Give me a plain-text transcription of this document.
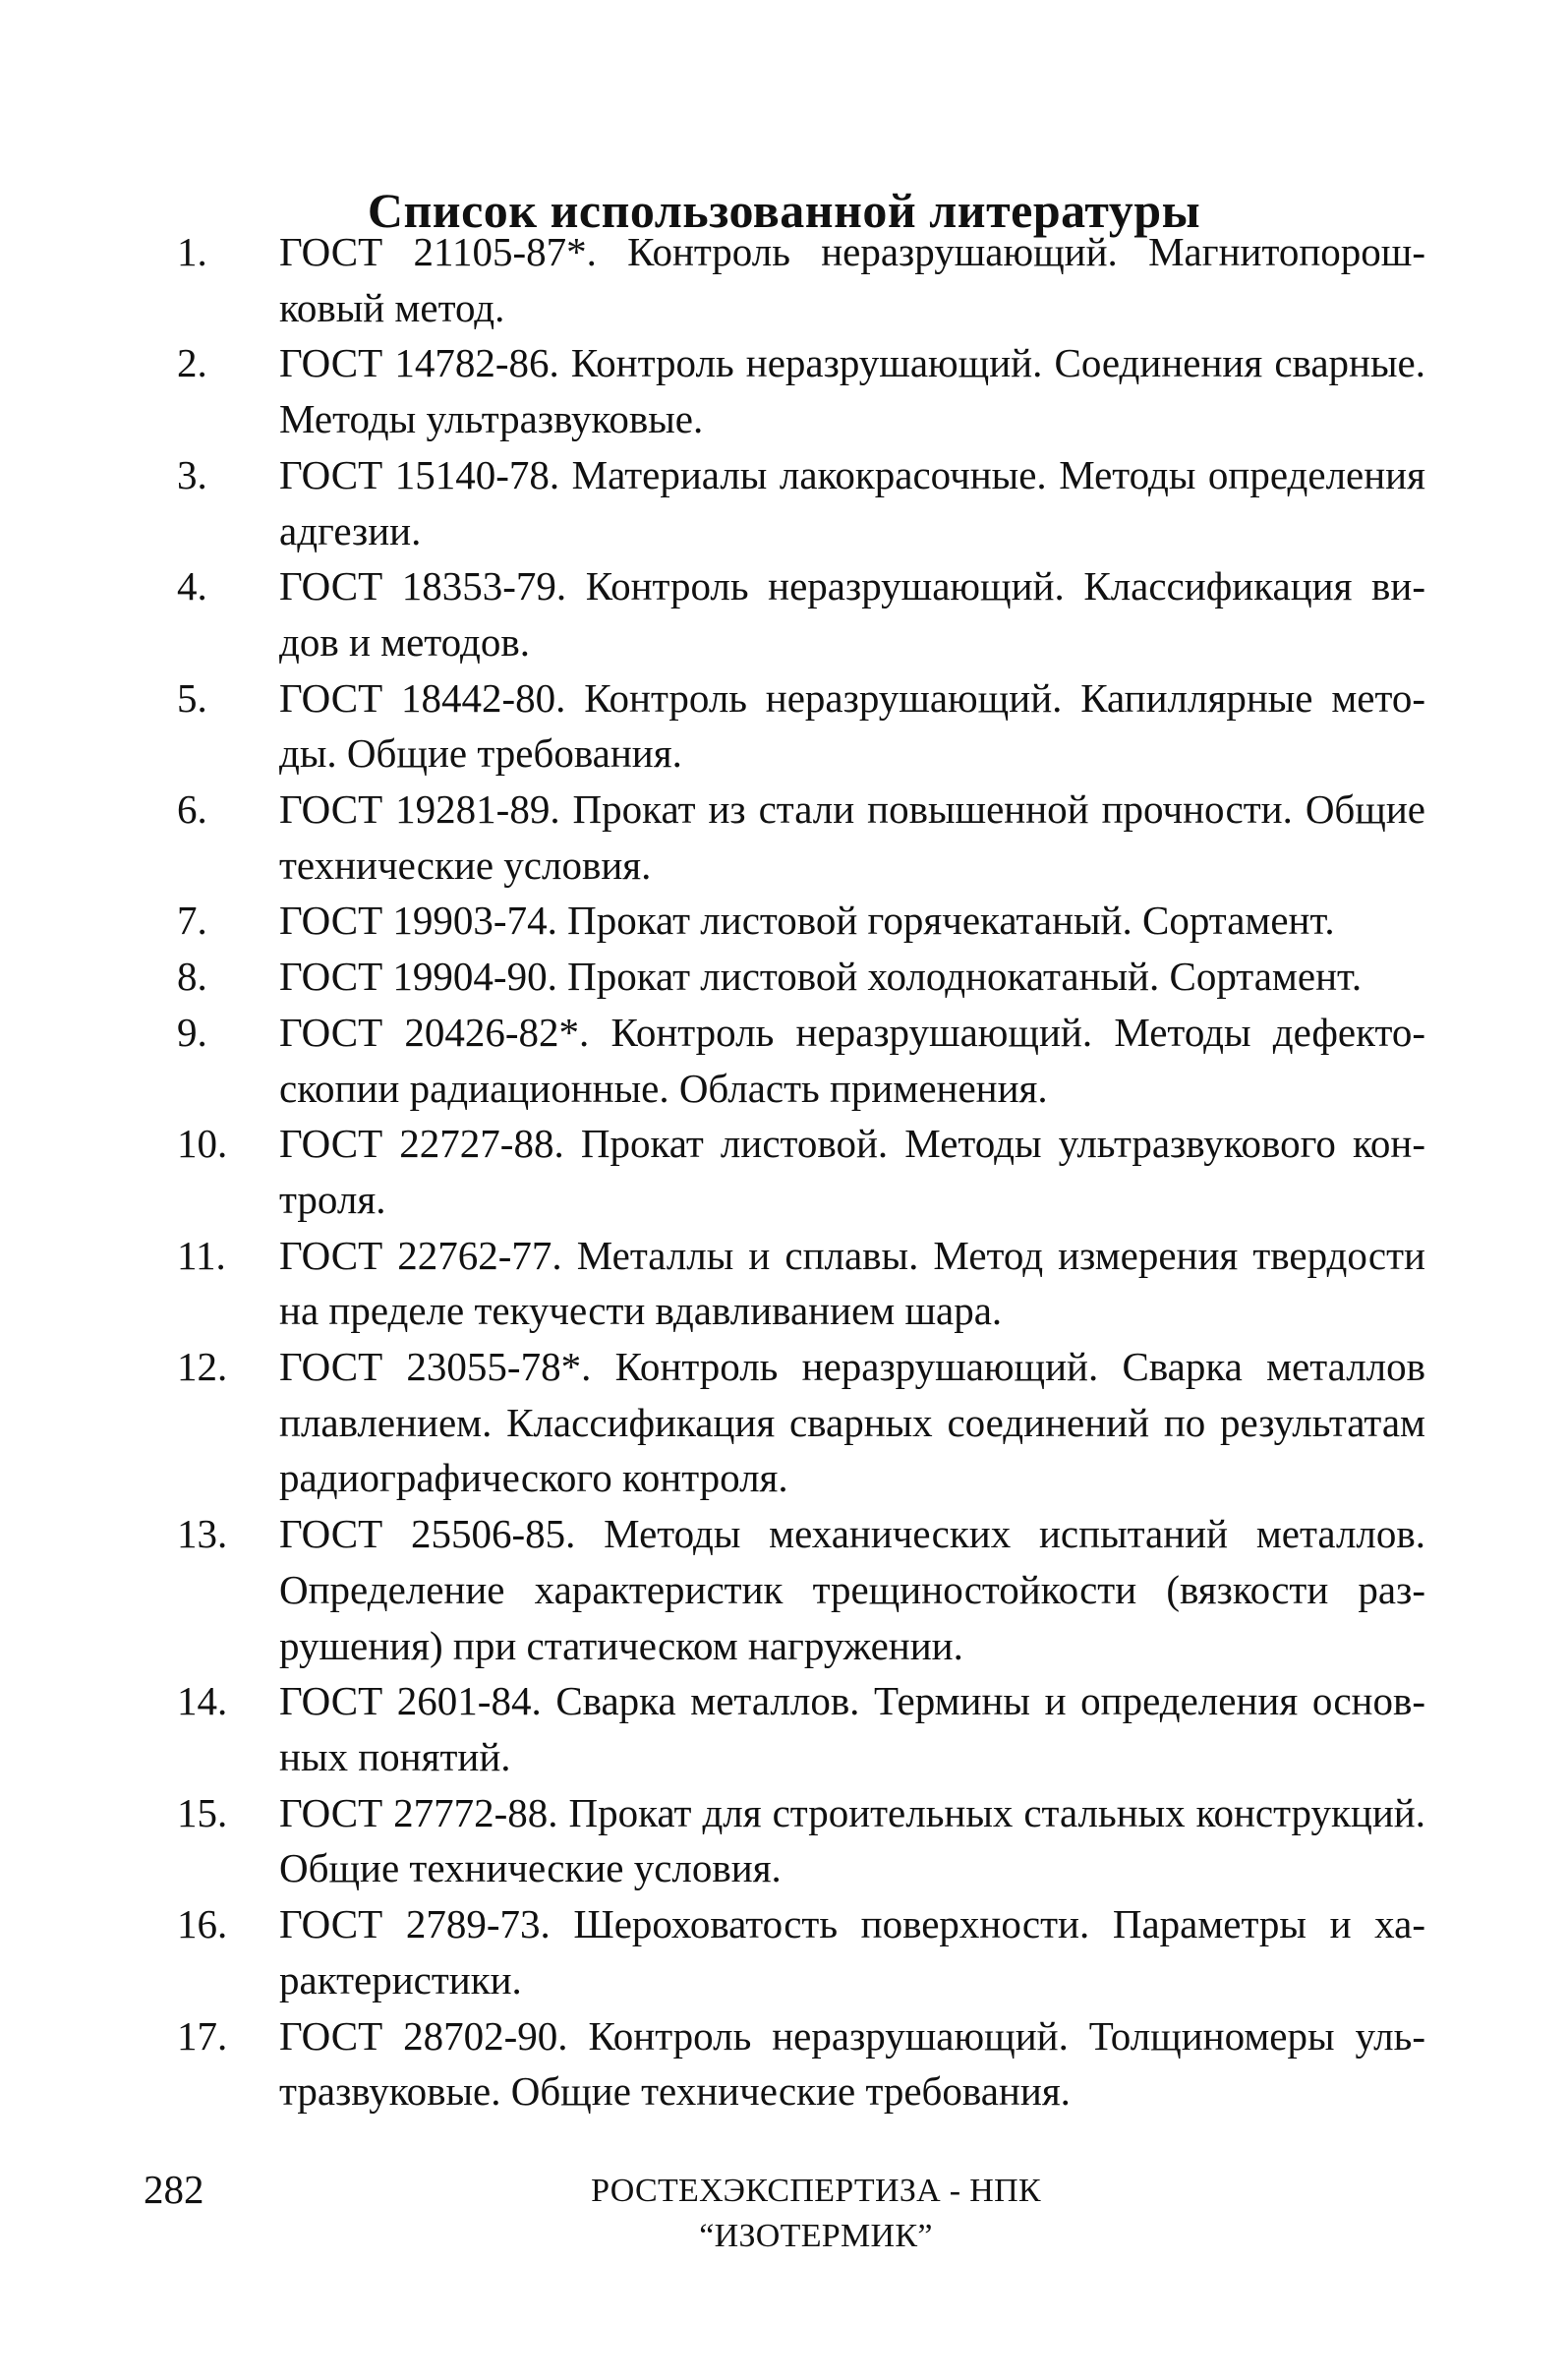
Список использованной литературы
1.	ГОСТ 21105-87*. Контроль неразрушающий. Магнитопорошковый метод.
2.	ГОСТ 14782-86. Контроль неразрушающий. Соединения сварные. Методы ультразвуковые.
3.	ГОСТ 15140-78. Материалы лакокрасочные. Методы определения адгезии.
4.	ГОСТ 18353-79. Контроль неразрушающий. Классификация видов и методов.
5.	ГОСТ 18442-80. Контроль неразрушающий. Капиллярные методы. Общие требования.
6.	ГОСТ 19281-89. Прокат из стали повышенной прочности. Общие технические условия.
7.	ГОСТ 19903-74. Прокат листовой горячекатаный. Сортамент.
8.	ГОСТ 19904-90. Прокат листовой холоднокатаный. Сортамент.
9.	ГОСТ 20426-82*. Контроль неразрушающий. Методы дефектоскопии радиационные. Область применения.
10.	ГОСТ 22727-88. Прокат листовой. Методы ультразвукового контроля.
11.	ГОСТ 22762-77. Металлы и сплавы. Метод измерения твердости на пределе текучести вдавливанием шара.
12.	ГОСТ 23055-78*. Контроль неразрушающий. Сварка металлов плавлением. Классификация сварных соединений по результатам радиографического контроля.
13.	ГОСТ 25506-85. Методы механических испытаний металлов. Определение характеристик трещиностойкости (вязкости разрушения) при статическом нагружении.
14.	ГОСТ 2601-84. Сварка металлов. Термины и определения основных понятий.
15.	ГОСТ 27772-88. Прокат для строительных стальных конструкций. Общие технические условия.
16.	ГОСТ 2789-73. Шероховатость поверхности. Параметры и характеристики.
17.	ГОСТ 28702-90. Контроль неразрушающий. Толщиномеры ультразвуковые. Общие технические требования.
282	РОСТЕХЭКСПЕРТИЗА - НПК “ИЗОТЕРМИК”
